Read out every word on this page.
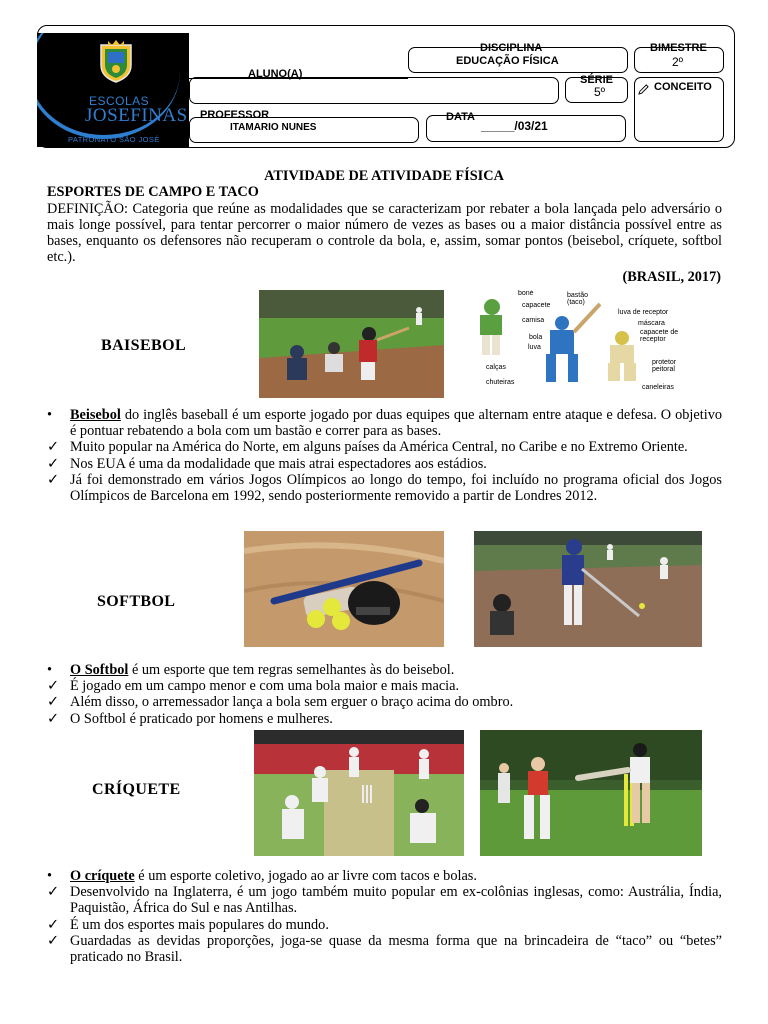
ESCOLAS
JOSEFINAS
PATRONATO SÃO JOSÉ
ALUNO(A)
DISCIPLINA
EDUCAÇÃO FÍSICA
BIMESTRE
2º
SÉRIE
5º	CONCEITO
PROFESSOR
ITAMARIO NUNES
DATA
_____/03/21
ATIVIDADE DE ATIVIDADE FÍSICA
ESPORTES DE CAMPO E TACO

DEFINIÇÃO: Categoria que reúne as modalidades que se caracterizam por rebater a bola lançada pelo adversário o mais longe possível, para tentar percorrer o maior número de vezes as bases ou a maior distância possível entre as bases, enquanto os defensores não recuperam o controle da bola, e, assim, somar pontos (beisebol, críquete, softbol etc.).

(BRASIL, 2017)
BAISEBOL
boné	bastão (taco)
capacete
luva de receptor
camisa	máscara
bola
capacete de receptor
luva
protetor peitoral
calças
chuteiras
caneleiras
•	Beisebol do inglês baseball é um esporte jogado por duas equipes que alternam entre ataque e defesa. O objetivo é pontuar rebatendo a bola com um bastão e correr para as bases.
✓ Muito popular na América do Norte, em alguns países da América Central, no Caribe e no Extremo Oriente.
✓ Nos EUA é uma da modalidade que mais atrai espectadores aos estádios.
✓ Já foi demonstrado em vários Jogos Olímpicos ao longo do tempo, foi incluído no programa oficial dos Jogos Olímpicos de Barcelona em 1992, sendo posteriormente removido a partir de Londres 2012.
SOFTBOL
•	O Softbol é um esporte que tem regras semelhantes às do beisebol.
✓ É jogado em um campo menor e com uma bola maior e mais macia.
✓ Além disso, o arremessador lança a bola sem erguer o braço acima do ombro.
✓ O Softbol é praticado por homens e mulheres.
CRÍQUETE
•	O críquete é um esporte coletivo, jogado ao ar livre com tacos e bolas.
✓ Desenvolvido na Inglaterra, é um jogo também muito popular em ex-colônias inglesas, como: Austrália, Índia, Paquistão, África do Sul e nas Antilhas.
✓ É um dos esportes mais populares do mundo.
✓ Guardadas as devidas proporções, joga-se quase da mesma forma que na brincadeira de “taco” ou “betes” praticado no Brasil.
